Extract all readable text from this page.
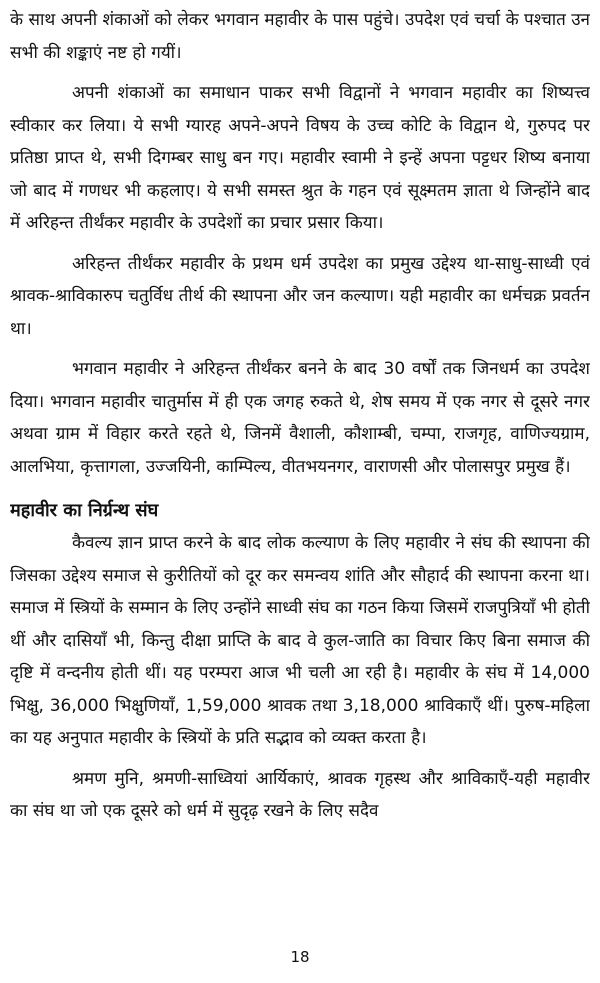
के साथ अपनी शंकाओं को लेकर भगवान महावीर के पास पहुंचे। उपदेश एवं चर्चा के पश्चात उन सभी की शङ्काएं नष्ट हो गयीं।

अपनी शंकाओं का समाधान पाकर सभी विद्वानों ने भगवान महावीर का शिष्यत्त्व स्वीकार कर लिया। ये सभी ग्यारह अपने-अपने विषय के उच्च कोटि के विद्वान थे, गुरुपद पर प्रतिष्ठा प्राप्त थे, सभी दिगम्बर साधु बन गए। महावीर स्वामी ने इन्हें अपना पट्टधर शिष्य बनाया जो बाद में गणधर भी कहलाए। ये सभी समस्त श्रुत के गहन एवं सूक्ष्मतम ज्ञाता थे जिन्होंने बाद में अरिहन्त तीर्थंकर महावीर के उपदेशों का प्रचार प्रसार किया।

अरिहन्त तीर्थंकर महावीर के प्रथम धर्म उपदेश का प्रमुख उद्देश्य था-साधु-साध्वी एवं श्रावक-श्राविकारुप चतुर्विध तीर्थ की स्थापना और जन कल्याण। यही महावीर का धर्मचक्र प्रवर्तन था।

भगवान महावीर ने अरिहन्त तीर्थंकर बनने के बाद 30 वर्षों तक जिनधर्म का उपदेश दिया। भगवान महावीर चातुर्मास में ही एक जगह रुकते थे, शेष समय में एक नगर से दूसरे नगर अथवा ग्राम में विहार करते रहते थे, जिनमें वैशाली, कौशाम्बी, चम्पा, राजगृह, वाणिज्यग्राम, आलभिया, कृत्तागला, उज्जयिनी, काम्पिल्य, वीतभयनगर, वाराणसी और पोलासपुर प्रमुख हैं।

महावीर का निर्ग्रन्थ संघ

कैवल्य ज्ञान प्राप्त करने के बाद लोक कल्याण के लिए महावीर ने संघ की स्थापना की जिसका उद्देश्य समाज से कुरीतियों को दूर कर समन्वय शांति और सौहार्द की स्थापना करना था। समाज में स्त्रियों के सम्मान के लिए उन्होंने साध्वी संघ का गठन किया जिसमें राजपुत्रियाँ भी होती थीं और दासियाँ भी, किन्तु दीक्षा प्राप्ति के बाद वे कुल-जाति का विचार किए बिना समाज की दृष्टि में वन्दनीय होती थीं। यह परम्परा आज भी चली आ रही है। महावीर के संघ में 14,000 भिक्षु, 36,000 भिक्षुणियाँ, 1,59,000 श्रावक तथा 3,18,000 श्राविकाएँ थीं। पुरुष-महिला का यह अनुपात महावीर के स्त्रियों के प्रति सद्भाव को व्यक्त करता है।

श्रमण मुनि, श्रमणी-साध्वियां आर्यिकाएं, श्रावक गृहस्थ और श्राविकाएँ-यही महावीर का संघ था जो एक दूसरे को धर्म में सुदृढ़ रखने के लिए सदैव

18
